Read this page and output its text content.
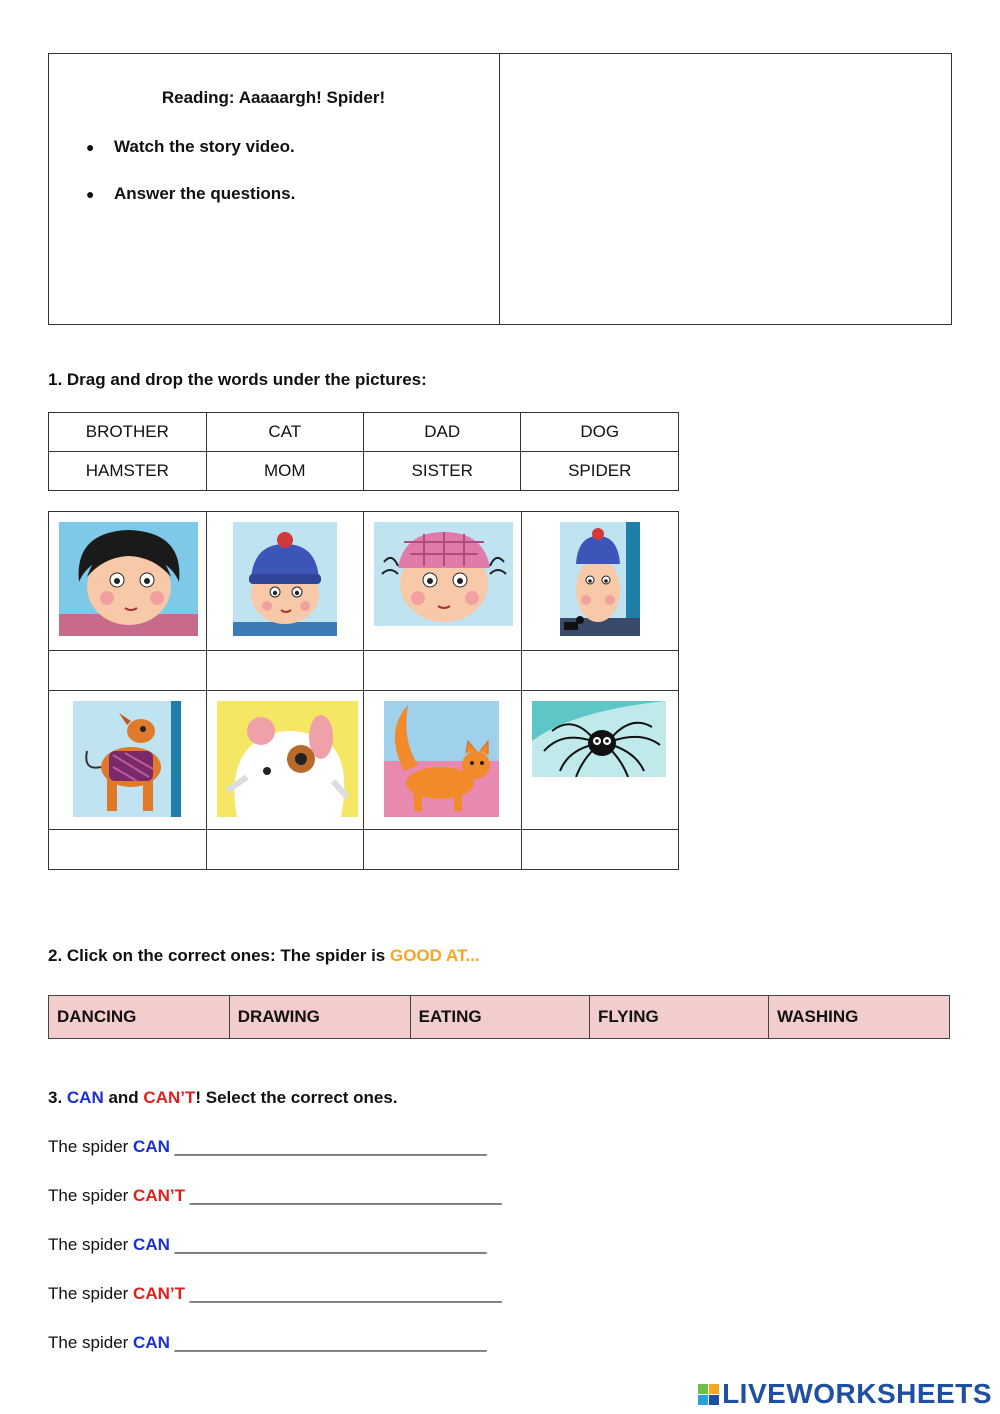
Reading: Aaaaargh! Spider!
● Watch the story video.
● Answer the questions.
1. Drag and drop the words under the pictures:
BROTHER	CAT	DAD	DOG
HAMSTER	MOM	SISTER	SPIDER

2. Click on the correct ones: The spider is GOOD AT...
DANCING	DRAWING	EATING	FLYING	WASHING
3. CAN and CAN’T! Select the correct ones.
The spider CAN _________________________________
The spider CAN’T _________________________________
The spider CAN _________________________________
The spider CAN’T _________________________________
The spider CAN _________________________________
LIVEWORKSHEETS
